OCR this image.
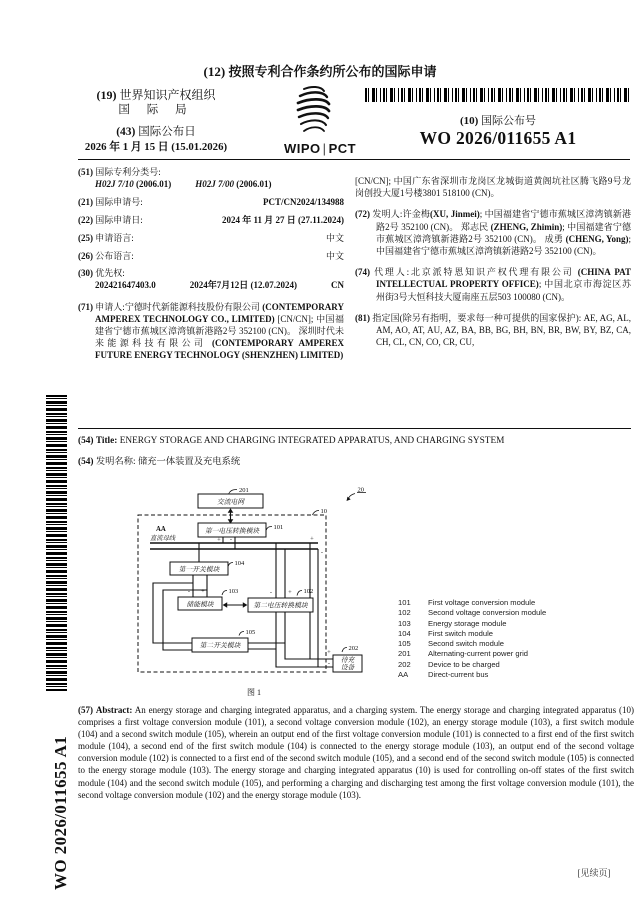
WO 2026/011655 A1
(12) 按照专利合作条约所公布的国际申请
(19) 世界知识产权组织
国 际 局
(43) 国际公布日
2026 年 1 月 15 日 (15.01.2026)	WIPO | PCT
(10) 国际公布号
WO 2026/011655 A1
(51) 国际专利分类号:
H02J 7/10 (2006.01)	H02J 7/00 (2006.01)
(21) 国际申请号:	PCT/CN2024/134988
(22) 国际申请日:	2024 年 11 月 27 日 (27.11.2024)
(25) 申请语言:	中文
(26) 公布语言:	中文
(30) 优先权:
202421647403.0	2024年7月12日 (12.07.2024)	CN

(71) 申请人:宁德时代新能源科技股份有限公司 (CONTEMPORARY AMPEREX TECHNOLOGY CO., LIMITED) [CN/CN]; 中国福建省宁德市蕉城区漳湾镇新港路2号 352100 (CN)。 深圳时代未来能源科技有限公司 (CONTEMPORARY AMPEREX FUTURE ENERGY TECHNOLOGY (SHENZHEN) LIMITED)

[CN/CN]; 中国广东省深圳市龙岗区龙城街道黄阁坑社区腾飞路9号龙岗创投大厦1号楼3801 518100 (CN)。

(72) 发明人:许金梅(XU, Jinmei); 中国福建省宁德市蕉城区漳湾镇新港路2号 352100 (CN)。 郑志民 (ZHENG, Zhimin); 中国福建省宁德市蕉城区漳湾镇新港路2号 352100 (CN)。 成勇 (CHENG, Yong); 中国福建省宁德市蕉城区漳湾镇新港路2号 352100 (CN)。

(74) 代理人:北京派特恩知识产权代理有限公司 (CHINA PAT INTELLECTUAL PROPERTY OFFICE); 中国北京市海淀区苏州街3号大恒科技大厦南座五层503 100080 (CN)。

(81) 指定国(除另有指明，要求每一种可提供的国家保护): AE, AG, AL, AM, AO, AT, AU, AZ, BA, BB, BG, BH, BN, BR, BW, BY, BZ, CA, CH, CL, CN, CO, CR, CU,

(54) Title: ENERGY STORAGE AND CHARGING INTEGRATED APPARATUS, AND CHARGING SYSTEM
(54) 发明名称: 储充一体装置及充电系统
交流电网
第一电压转换模块
第一开关模块
储能模块	第二电压转换模块
第二开关模块
待充
设备
201	20
10
101
104
103	102
105
202
AA
直流母线	+ -	+
-
- +	- +
+
-
图 1
101	First voltage conversion module
102	Second voltage conversion module
103	Energy storage module
104	First switch module
105	Second switch module
201	Alternating-current power grid
202	Device to be charged
AA	Direct-current bus
(57) Abstract: An energy storage and charging integrated apparatus, and a charging system. The energy storage and charging integrated apparatus (10) comprises a first voltage conversion module (101), a second voltage conversion module (102), an energy storage module (103), a first switch module (104) and a second switch module (105), wherein an output end of the first voltage conversion module (101) is connected to a first end of the first switch module (104), a second end of the first switch module (104) is connected to the energy storage module (103), an output end of the second voltage conversion module (102) is connected to a first end of the second switch module (105), and a second end of the second switch module (105) is connected to the energy storage module (103). The energy storage and charging integrated apparatus (10) is used for controlling on-off states of the first switch module (104) and the second switch module (105), and performing a charging and discharging test among the first voltage conversion module (101), the second voltage conversion module (102) and the energy storage module (103).
[见续页]
